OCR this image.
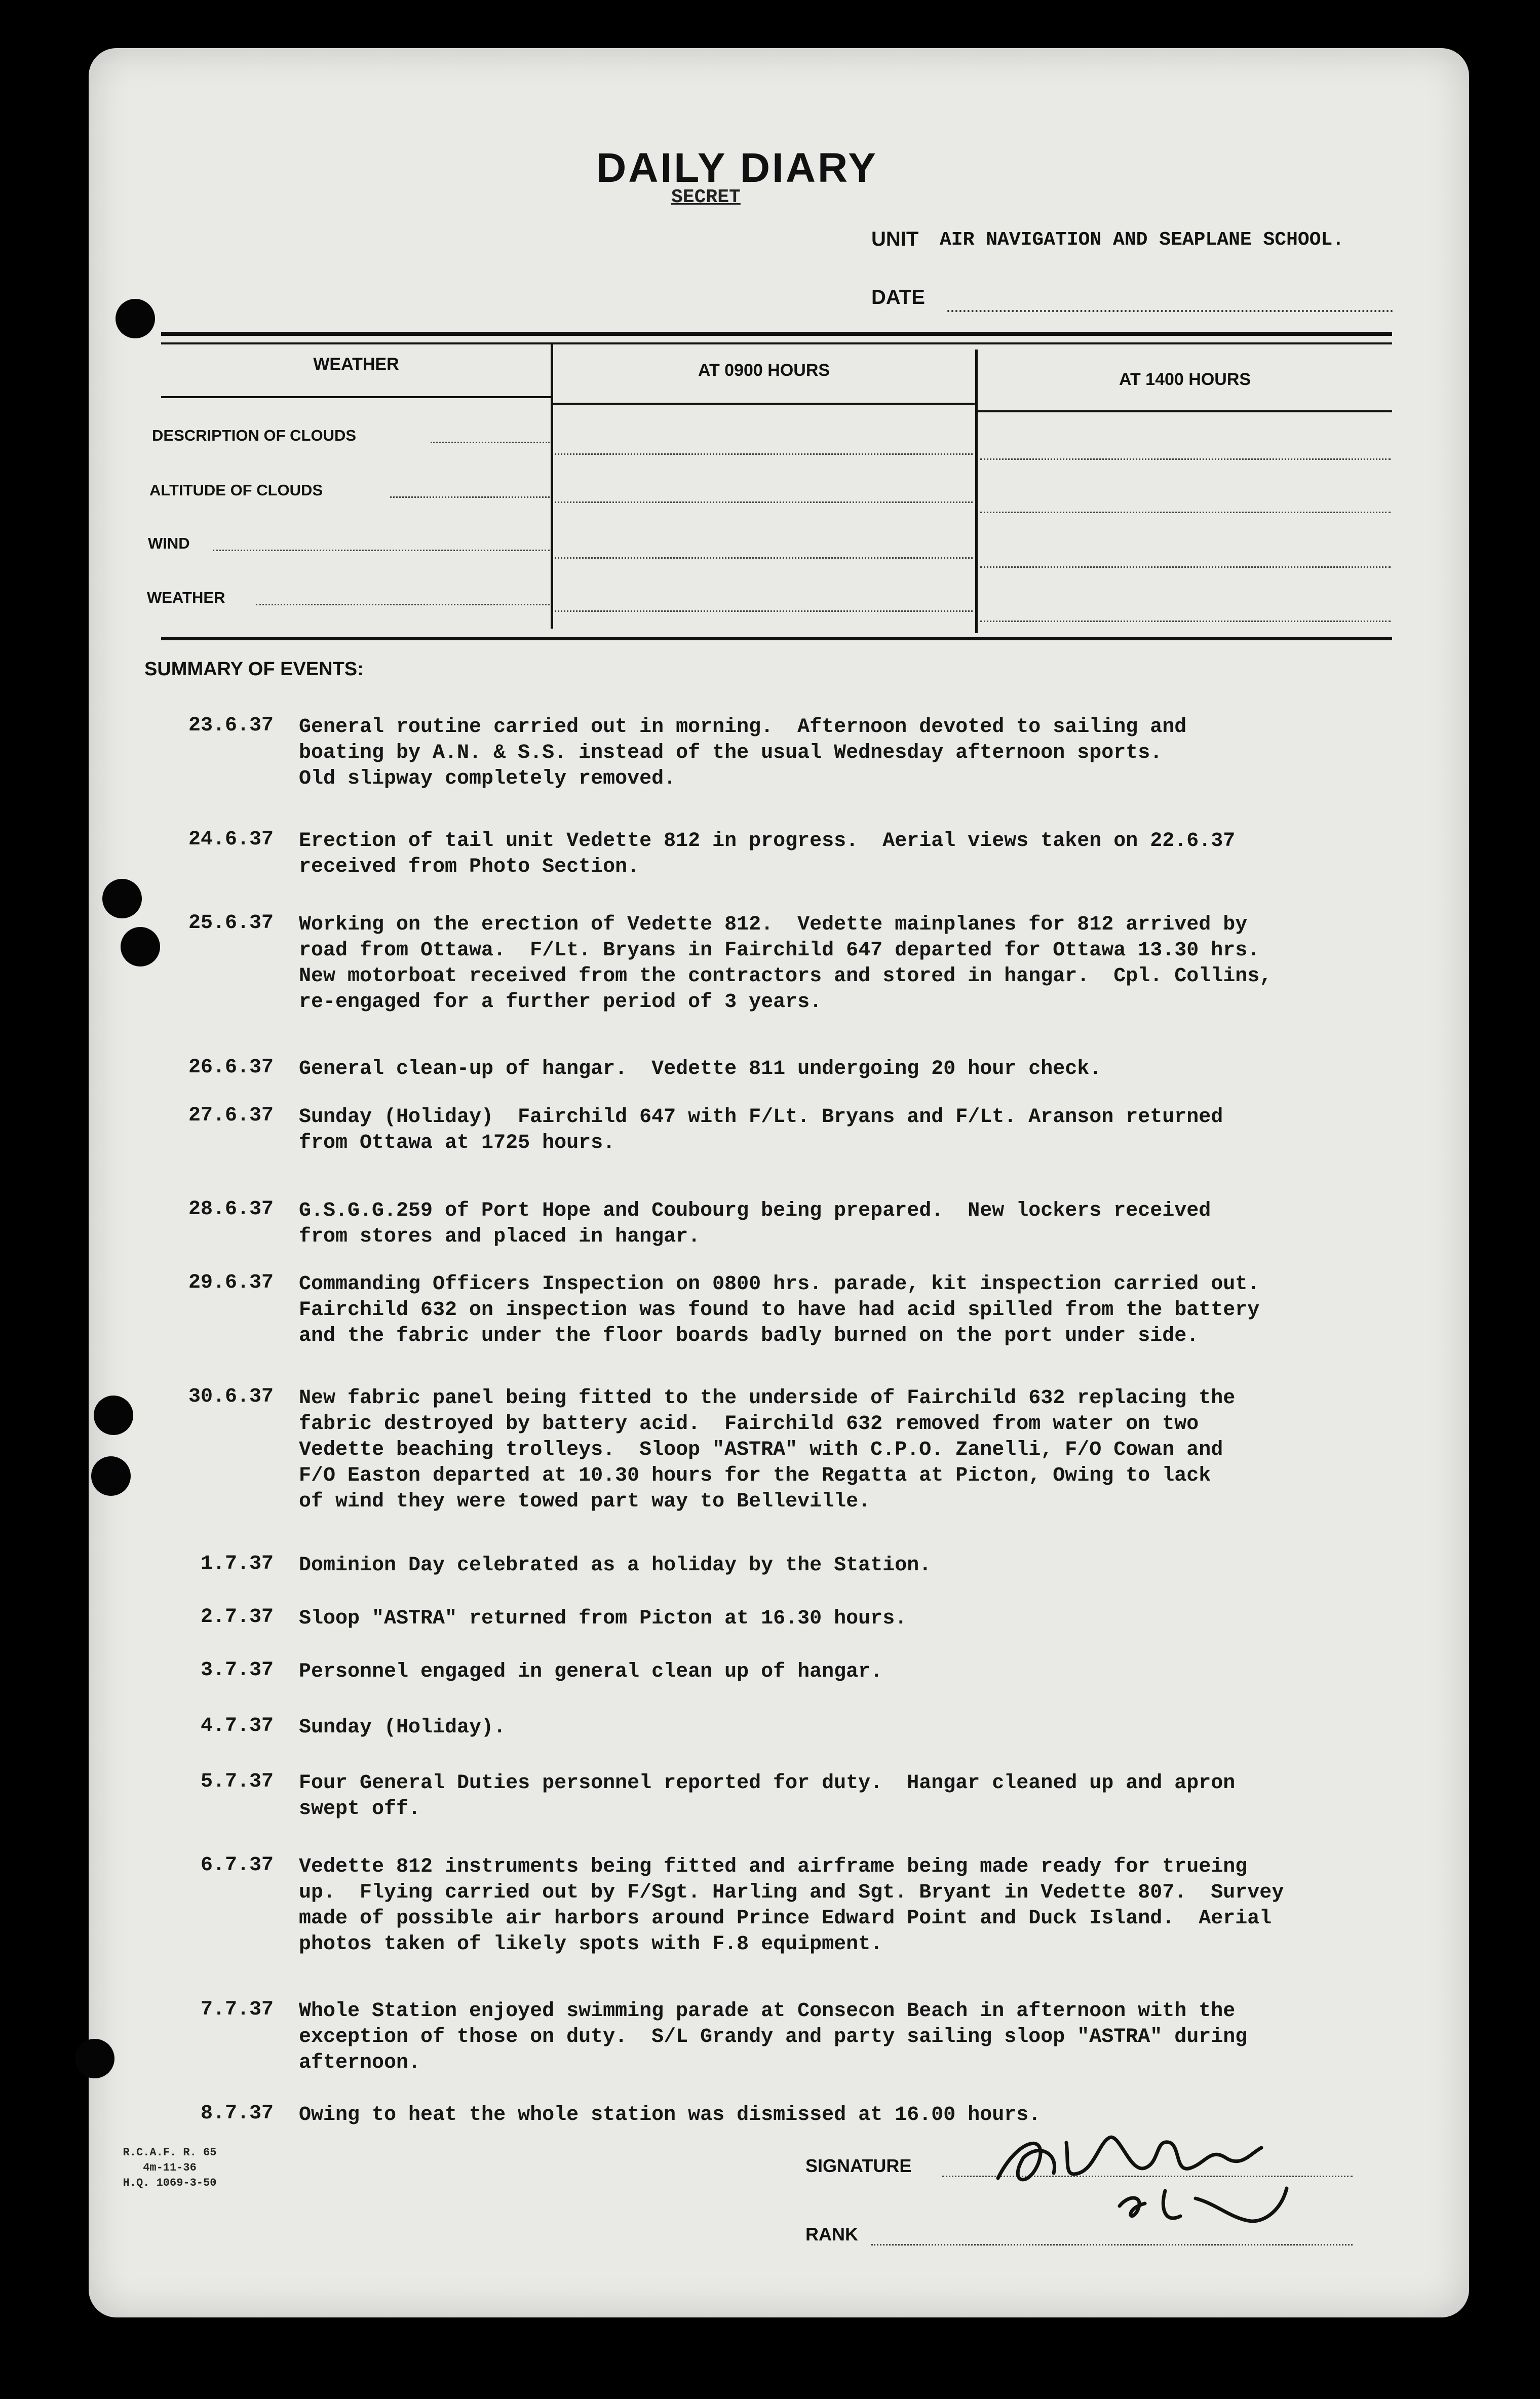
DAILY DIARY
SECRET
UNIT AIR NAVIGATION AND SEAPLANE SCHOOL.
DATE
WEATHER	AT 0900 HOURS	AT 1400 HOURS
DESCRIPTION OF CLOUDS
ALTITUDE OF CLOUDS
WIND
WEATHER
SUMMARY OF EVENTS:
23.6.37 General routine carried out in morning.  Afternoon devoted to sailing and
boating by A.N. & S.S. instead of the usual Wednesday afternoon sports.
Old slipway completely removed.
24.6.37 Erection of tail unit Vedette 812 in progress.  Aerial views taken on 22.6.37
received from Photo Section.
25.6.37 Working on the erection of Vedette 812.  Vedette mainplanes for 812 arrived by
road from Ottawa.  F/Lt. Bryans in Fairchild 647 departed for Ottawa 13.30 hrs.
New motorboat received from the contractors and stored in hangar.  Cpl. Collins,
re-engaged for a further period of 3 years.
26.6.37 General clean-up of hangar.  Vedette 811 undergoing 20 hour check.
27.6.37 Sunday (Holiday)  Fairchild 647 with F/Lt. Bryans and F/Lt. Aranson returned
from Ottawa at 1725 hours.
28.6.37 G.S.G.G.259 of Port Hope and Coubourg being prepared.  New lockers received
from stores and placed in hangar.
29.6.37 Commanding Officers Inspection on 0800 hrs. parade, kit inspection carried out.
Fairchild 632 on inspection was found to have had acid spilled from the battery
and the fabric under the floor boards badly burned on the port under side.
30.6.37 New fabric panel being fitted to the underside of Fairchild 632 replacing the
fabric destroyed by battery acid.  Fairchild 632 removed from water on two
Vedette beaching trolleys.  Sloop "ASTRA" with C.P.O. Zanelli, F/O Cowan and
F/O Easton departed at 10.30 hours for the Regatta at Picton, Owing to lack
of wind they were towed part way to Belleville.
1.7.37 Dominion Day celebrated as a holiday by the Station.
2.7.37 Sloop "ASTRA" returned from Picton at 16.30 hours.
3.7.37 Personnel engaged in general clean up of hangar.
4.7.37 Sunday (Holiday).
5.7.37 Four General Duties personnel reported for duty.  Hangar cleaned up and apron
swept off.
6.7.37 Vedette 812 instruments being fitted and airframe being made ready for trueing
up.  Flying carried out by F/Sgt. Harling and Sgt. Bryant in Vedette 807.  Survey
made of possible air harbors around Prince Edward Point and Duck Island.  Aerial
photos taken of likely spots with F.8 equipment.
7.7.37 Whole Station enjoyed swimming parade at Consecon Beach in afternoon with the
exception of those on duty.  S/L Grandy and party sailing sloop "ASTRA" during
afternoon.
8.7.37 Owing to heat the whole station was dismissed at 16.00 hours.
R.C.A.F. R. 65
4m-11-36
H.Q. 1069-3-50
SIGNATURE
RANK
